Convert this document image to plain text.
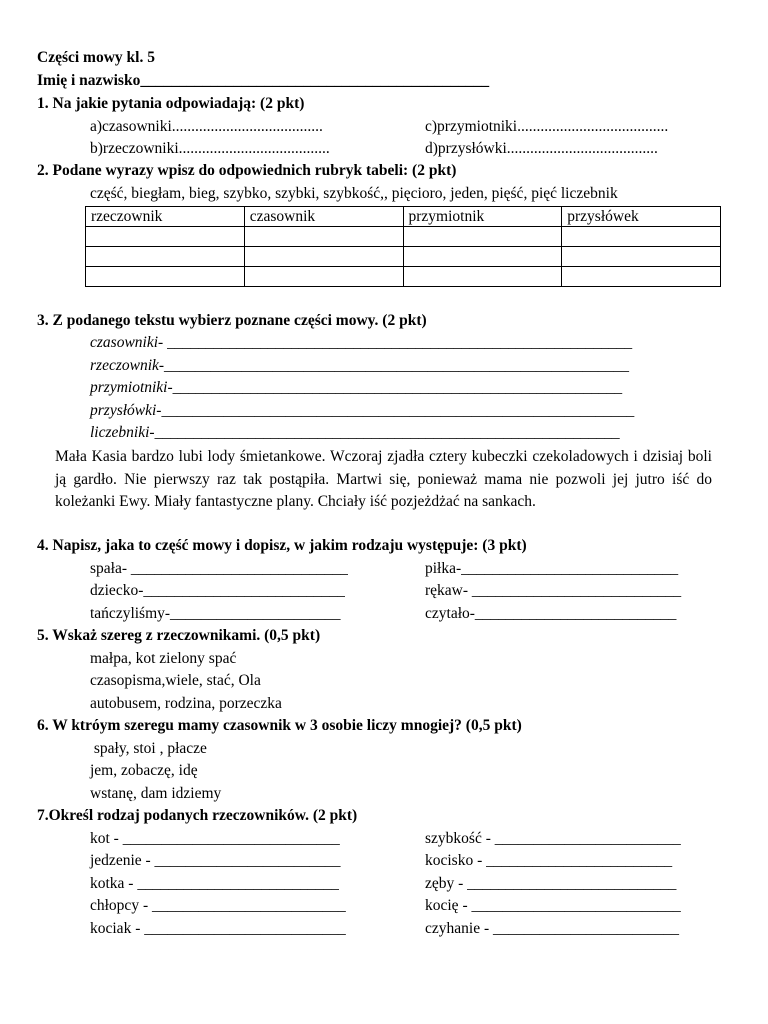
Części mowy kl. 5
Imię i nazwisko_____________________________________________
1. Na jakie pytania odpowiadają: (2 pkt)
a)czasowniki.......................................	c)przymiotniki.......................................
b)rzeczowniki.......................................	d)przysłówki.......................................
2. Podane wyrazy wpisz do odpowiednich rubryk tabeli: (2 pkt)
część, biegłam, bieg, szybko, szybki, szybkość,, pięcioro, jeden, pięść, pięć liczebnik
rzeczownik	czasownik	przymiotnik	przysłówek

3. Z podanego tekstu wybierz poznane części mowy. (2 pkt)
czasowniki- ____________________________________________________________
rzeczownik-____________________________________________________________
przymiotniki-__________________________________________________________
przysłówki-_____________________________________________________________
liczebniki-____________________________________________________________
Mała Kasia bardzo lubi lody śmietankowe. Wczoraj zjadła cztery kubeczki czekoladowych i dzisiaj boli ją gardło. Nie pierwszy raz tak postąpiła. Martwi się, ponieważ mama nie pozwoli jej jutro iść do koleżanki Ewy. Miały fantastyczne plany. Chciały iść pozjeżdżać na sankach.
4. Napisz, jaka to część mowy i dopisz, w jakim rodzaju występuje: (3 pkt)
spała- ____________________________	piłka-____________________________
dziecko-__________________________	rękaw- ___________________________
tańczyliśmy-______________________	czytało-__________________________
5. Wskaż szereg z rzeczownikami. (0,5 pkt)
małpa, kot zielony spać
czasopisma,wiele, stać, Ola
autobusem, rodzina, porzeczka
6. W ktróym szeregu mamy czasownik w 3 osobie liczy mnogiej? (0,5 pkt)
spały, stoi , płacze
jem, zobaczę, idę
wstanę, dam idziemy
7.Określ rodzaj podanych rzeczowników. (2 pkt)
kot - ____________________________	szybkość - ________________________
jedzenie - ________________________	kocisko - ________________________
kotka - __________________________	zęby - ___________________________
chłopcy - _________________________	kocię - ___________________________
kociak - __________________________	czyhanie - ________________________
